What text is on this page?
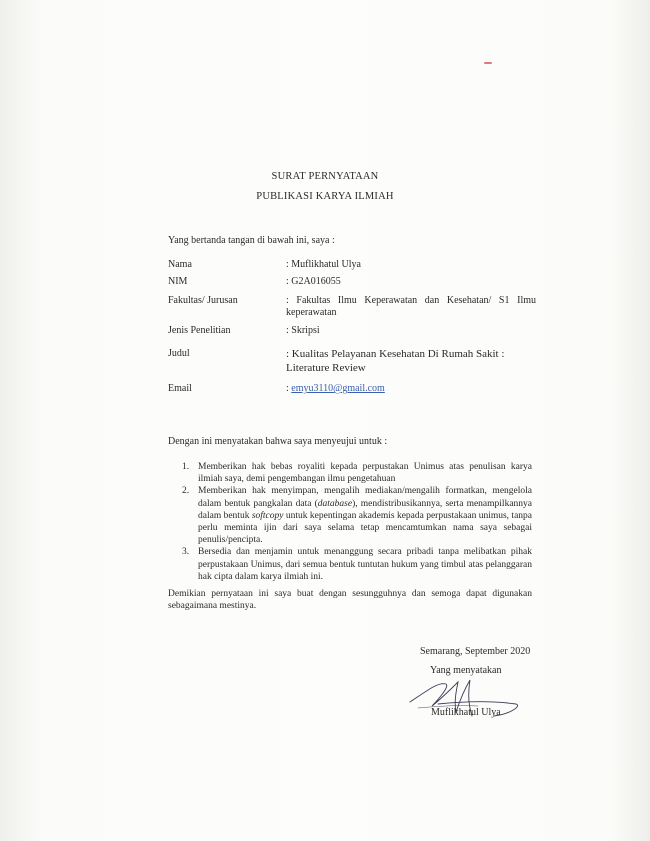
SURAT PERNYATAAN
PUBLIKASI KARYA ILMIAH
Yang bertanda tangan di bawah ini, saya :
Nama	: Muflikhatul Ulya
NIM	: G2A016055
Fakultas/ Jurusan	: Fakultas Ilmu Keperawatan dan Kesehatan/ S1 Ilmu keperawatan
Jenis Penelitian	: Skripsi
Judul	: Kualitas Pelayanan Kesehatan Di Rumah Sakit : Literature Review
Email	: emyu3110@gmail.com
Dengan ini menyatakan bahwa saya menyeujui untuk :
1. Memberikan hak bebas royaliti kepada perpustakan Unimus atas penulisan karya ilmiah saya, demi pengembangan ilmu pengetahuan
2. Memberikan hak menyimpan, mengalih mediakan/mengalih formatkan, mengelola dalam bentuk pangkalan data (database), mendistribusikannya, serta menampilkannya dalam bentuk softcopy untuk kepentingan akademis kepada perpustakaan unimus, tanpa perlu meminta ijin dari saya selama tetap mencamtumkan nama saya sebagai penulis/pencipta.
3. Bersedia dan menjamin untuk menanggung secara pribadi tanpa melibatkan pihak perpustakaan Unimus, dari semua bentuk tuntutan hukum yang timbul atas pelanggaran hak cipta dalam karya ilmiah ini.
Demikian pernyataan ini saya buat dengan sesungguhnya dan semoga dapat digunakan sebagaimana mestinya.
Semarang, September 2020
Yang menyatakan
Muflikhatul Ulya
